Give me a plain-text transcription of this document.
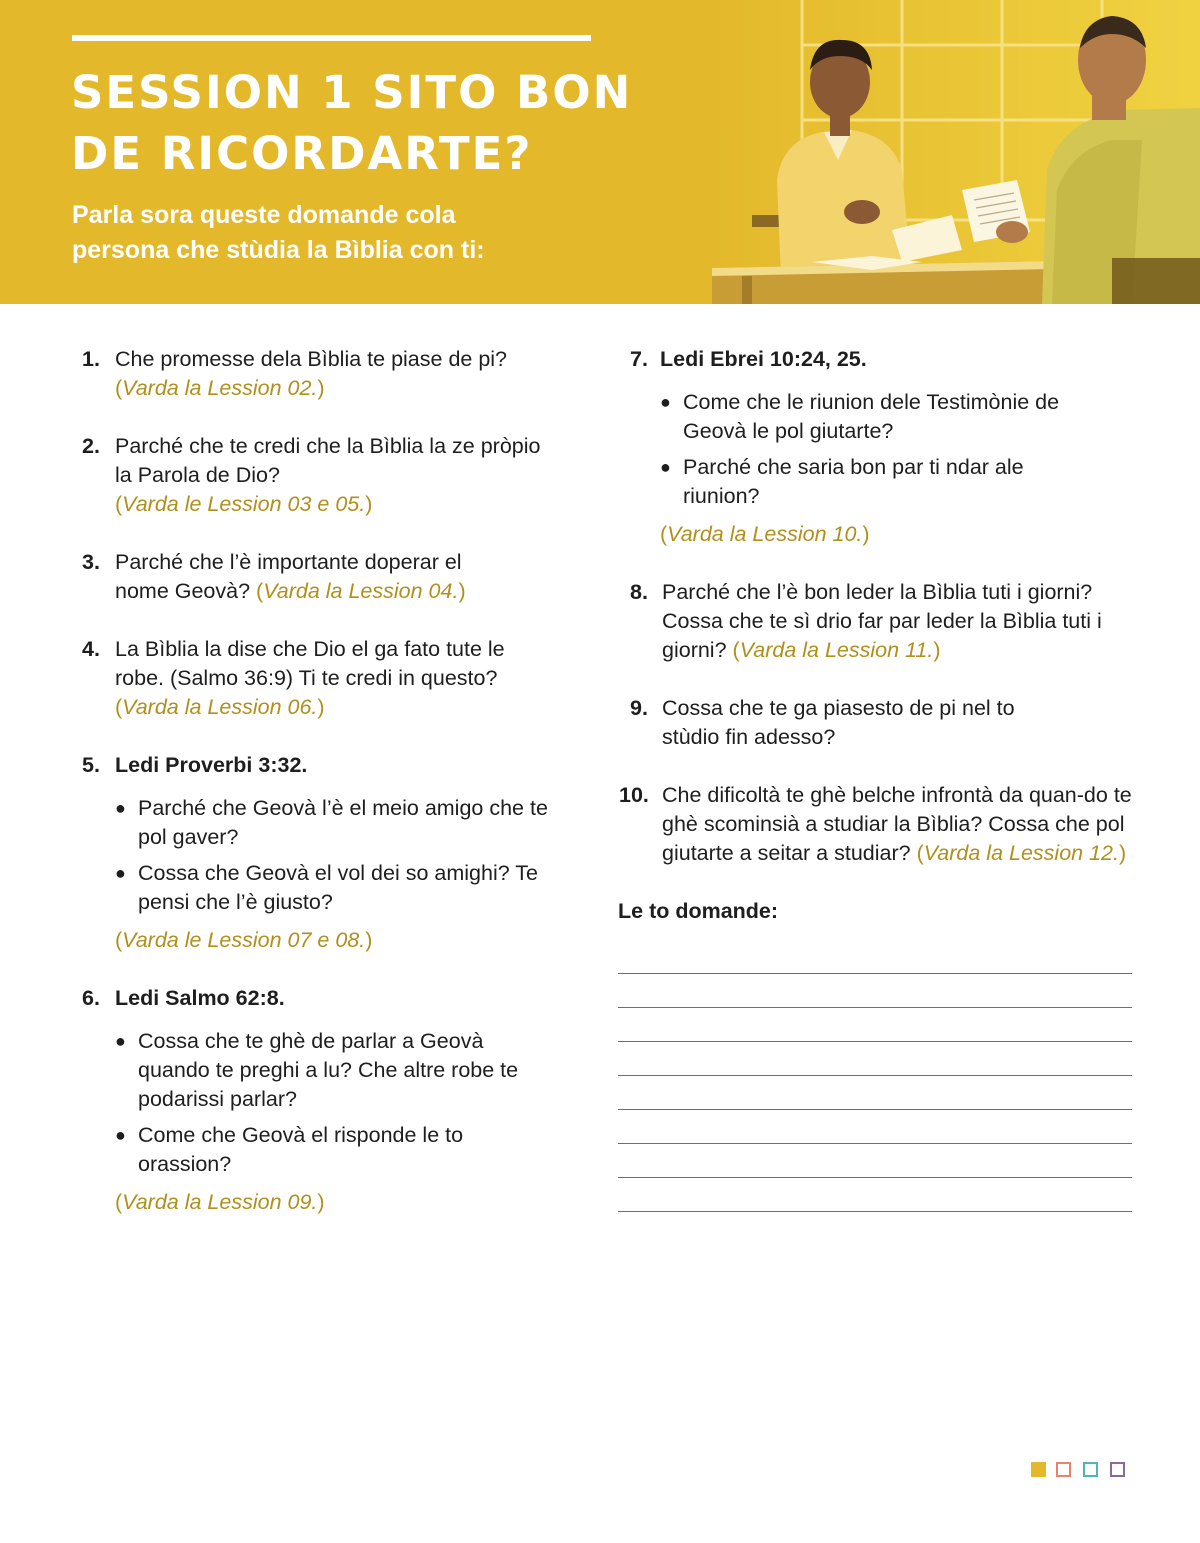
SESSION 1 SITO BON
DE RICORDARTE?

Parla sora queste domande cola
persona che stùdia la Bìblia con ti:

1. Che promesse dela Bìblia te piase de pi?
(Varda la Lession 02.)
2. Parché che te credi che la Bìblia la ze pròpio la Parola de Dio?
(Varda le Lession 03 e 05.)
3. Parché che l’è importante doperar el nome Geovà? (Varda la Lession 04.)
4. La Bìblia la dise che Dio el ga fato tute le robe. (Salmo 36:9) Ti te credi in questo?
(Varda la Lession 06.)
5. Ledi Proverbi 3:32.
● Parché che Geovà l’è el meio amigo che te pol gaver?
● Cossa che Geovà el vol dei so amighi? Te pensi che l’è giusto?
(Varda le Lession 07 e 08.)
6. Ledi Salmo 62:8.
● Cossa che te ghè de parlar a Geovà quando te preghi a lu? Che altre robe te podarissi parlar?
● Come che Geovà el risponde le to orassion?
(Varda la Lession 09.)
7. Ledi Ebrei 10:24, 25.
● Come che le riunion dele Testimònie de Geovà le pol giutarte?
● Parché che saria bon par ti ndar ale riunion?
(Varda la Lession 10.)
8. Parché che l’è bon leder la Bìblia tuti i giorni? Cossa che te sì drio far par leder la Bìblia tuti i giorni? (Varda la Lession 11.)
9. Cossa che te ga piasesto de pi nel to stùdio fin adesso?
10. Che dificoltà te ghè belche infrontà da quan-do te ghè scominsià a studiar la Bìblia? Cossa che pol giutarte a seitar a studiar? (Varda la Lession 12.)
Le to domande:
